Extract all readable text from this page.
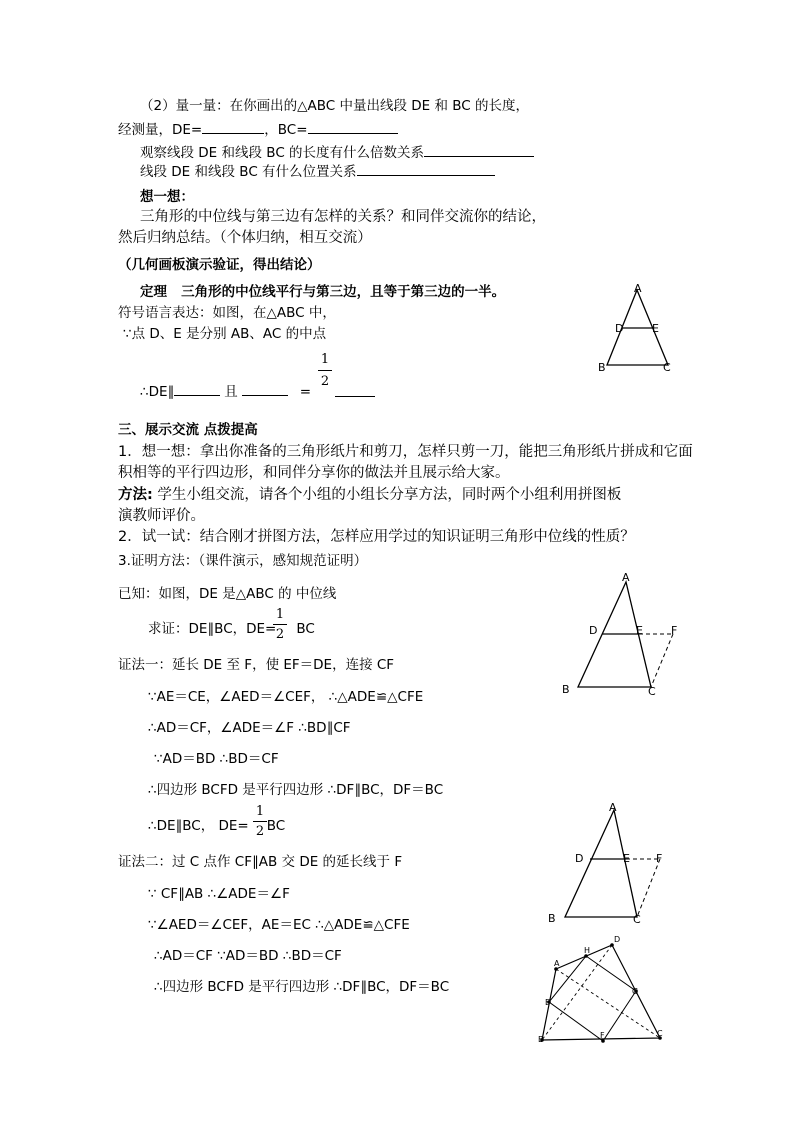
（2）量一量：在你画出的△ABC 中量出线段 DE 和 BC 的长度，
经测量，DE=	，BC=
观察线段 DE 和线段 BC 的长度有什么倍数关系
线段 DE 和线段 BC 有什么位置关系
想一想：
三角形的中位线与第三边有怎样的关系？和同伴交流你的结论，
然后归纳总结。（个体归纳，相互交流）
（几何画板演示验证，得出结论）
定理 三角形的中位线平行与第三边，且等于第三边的一半。
符号语言表达：如图，在△ABC 中，
∵点 D、E 是分别 AB、AC 的中点
∴DE∥	且	=
1
2
A
D	E
B	C
三、展示交流 点拨提高
1．想一想：拿出你准备的三角形纸片和剪刀，怎样只剪一刀，能把三角形纸片拼成和它面
积相等的平行四边形，和同伴分享你的做法并且展示给大家。
方法: 学生小组交流，请各个小组的小组长分享方法，同时两个小组利用拼图板
演教师评价。
2．试一试：结合刚才拼图方法，怎样应用学过的知识证明三角形中位线的性质？
3.证明方法：（课件演示，感知规范证明）
已知：如图，DE 是△ABC 的 中位线
求证：DE∥BC，DE= BC
1
2
证法一：延长 DE 至 F，使 EF＝DE，连接 CF
∵AE＝CE，∠AED＝∠CEF， ∴△ADE≌△CFE
∴AD＝CF，∠ADE＝∠F ∴BD∥CF
∵AD＝BD ∴BD＝CF
∴四边形 BCFD 是平行四边形 ∴DF∥BC，DF＝BC
∴DE∥BC， DE= BC
1
2
证法二：过 C 点作 CF∥AB 交 DE 的延长线于 F
∵ CF∥AB ∴∠ADE＝∠F
∵∠AED＝∠CEF，AE＝EC ∴△ADE≌△CFE
∴AD＝CF ∵AD＝BD ∴BD＝CF
∴四边形 BCFD 是平行四边形 ∴DF∥BC，DF＝BC
A
D	E	F
B	C
A
D	E F
B	C
A
D
H
G
E
F
B
C
